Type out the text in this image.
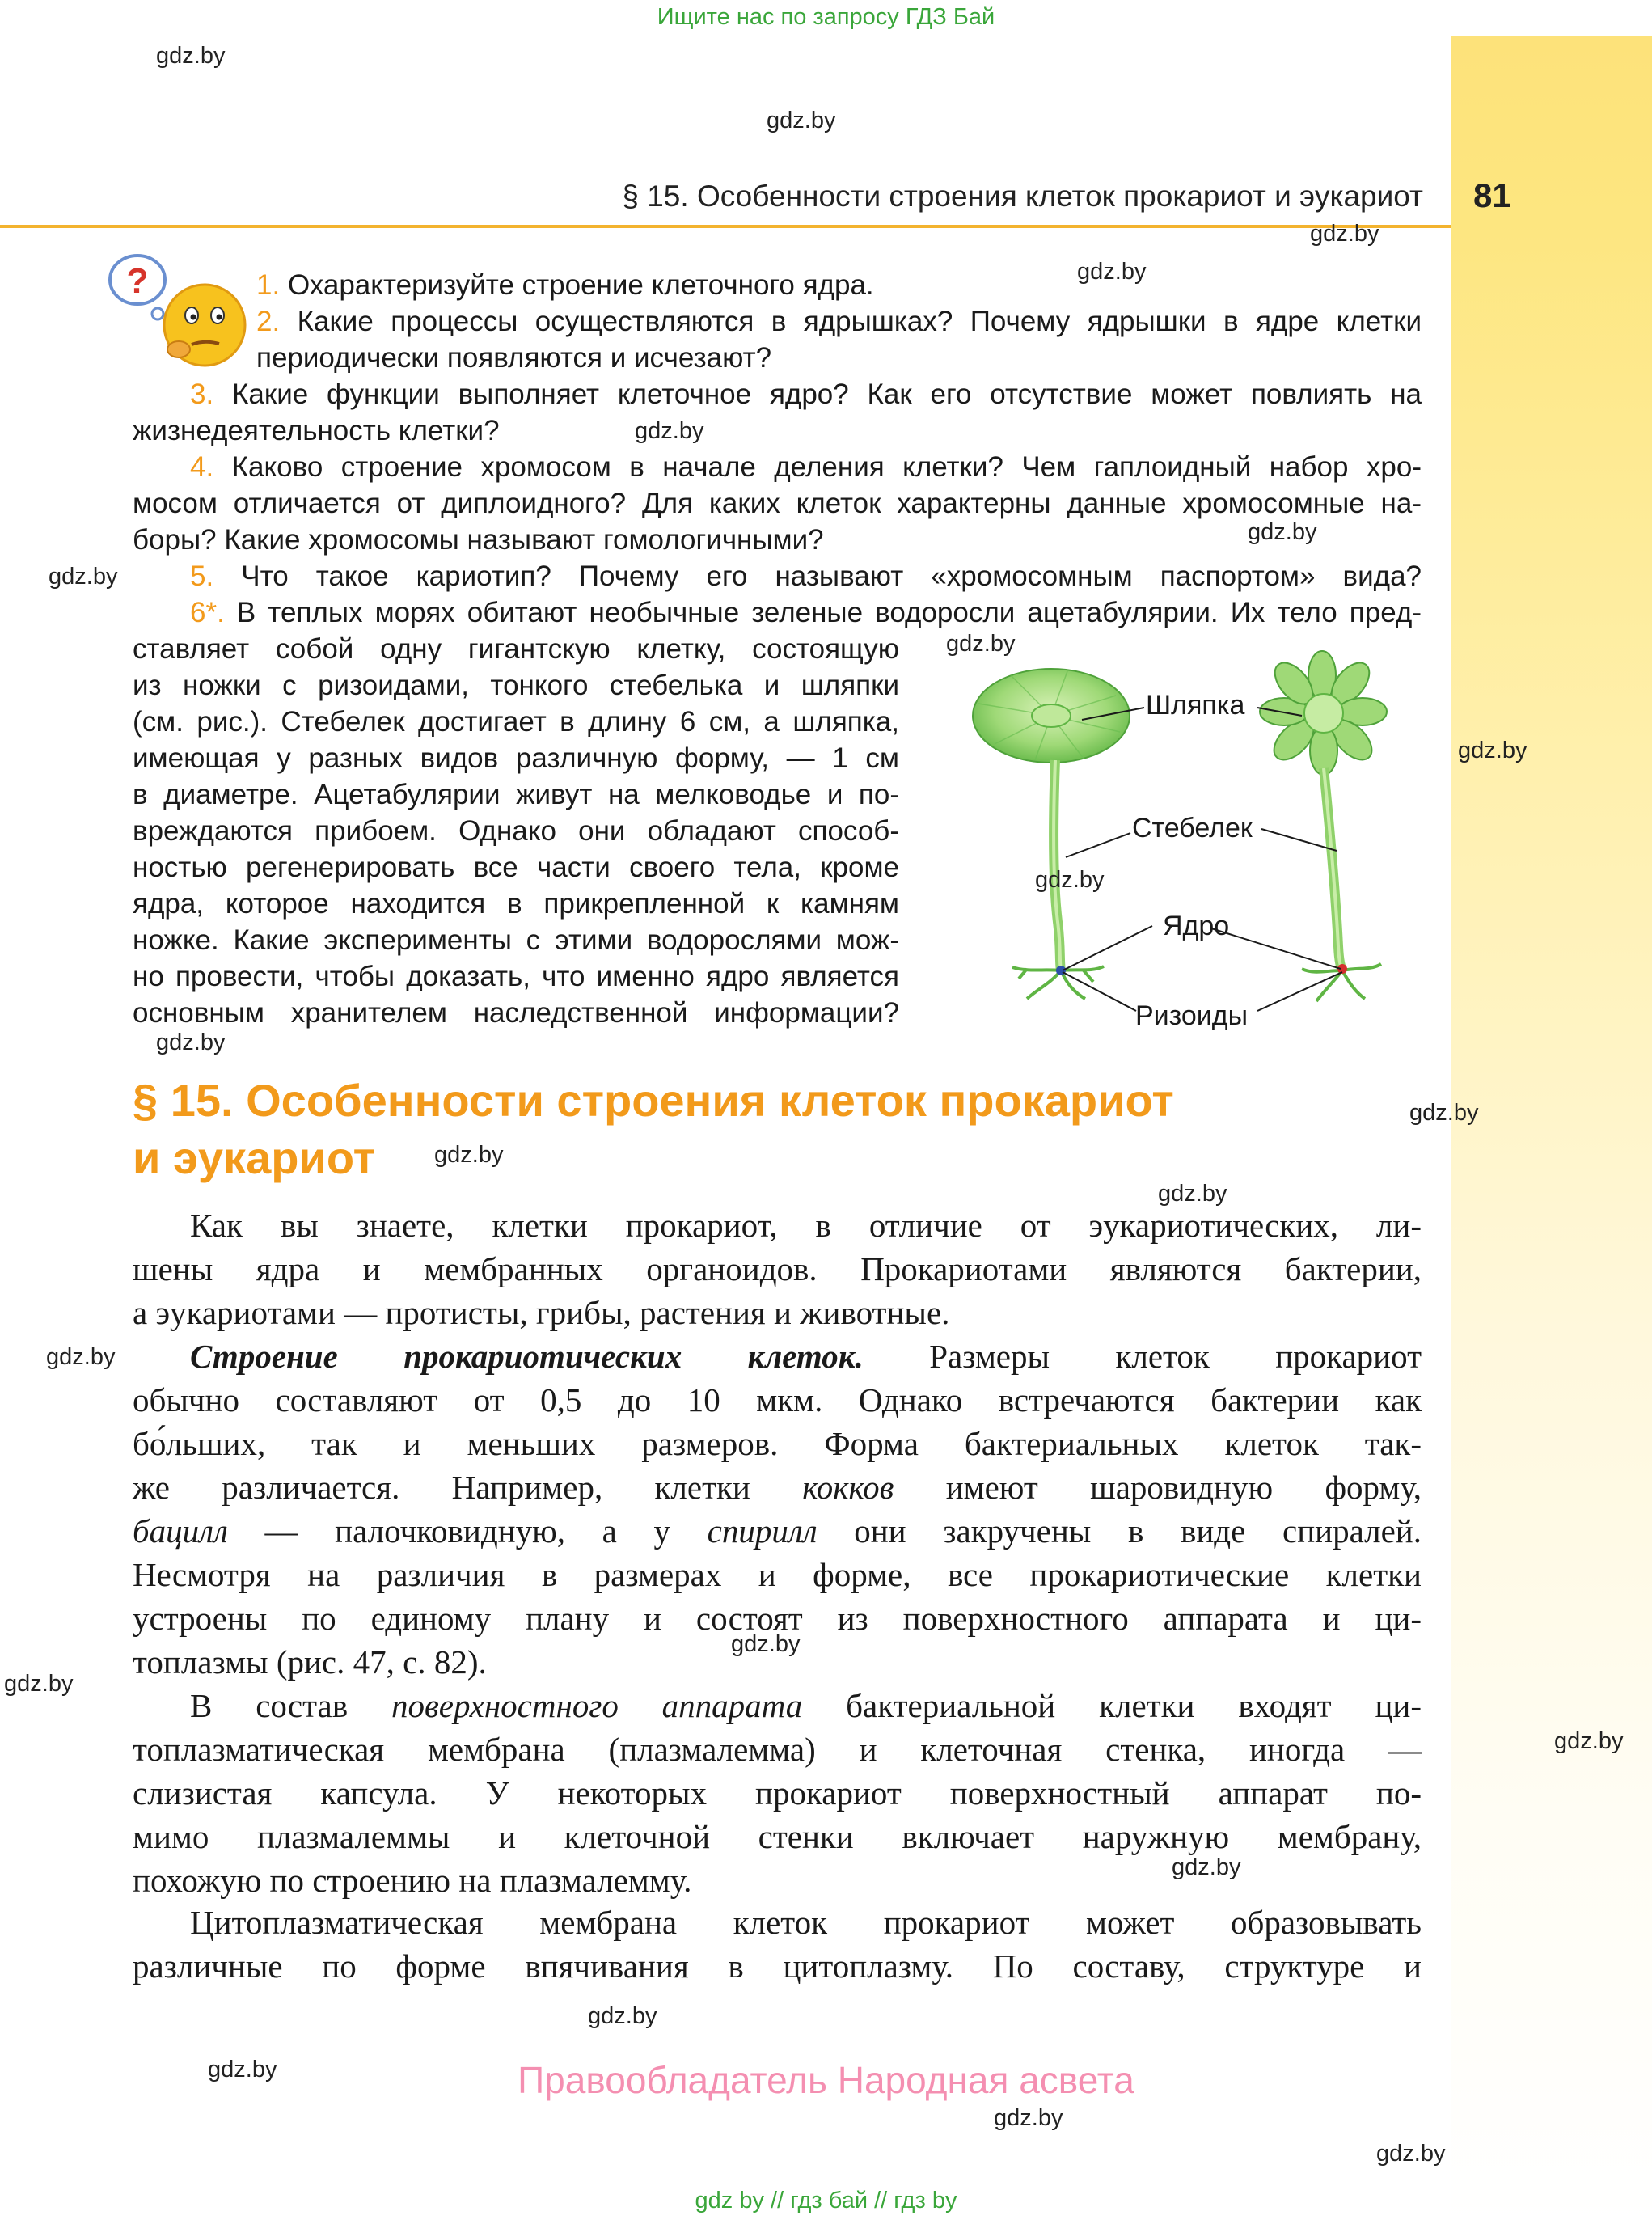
Ищите нас по запросу ГДЗ Бай
§ 15. Особенности строения клеток прокариот и эукариот 81
?	1. Охарактеризуйте строение клеточного ядра.
2. Какие процессы осуществляются в ядрышках? Почему ядрышки в ядре клетки
периодически появляются и исчезают?
3. Какие функции выполняет клеточное ядро? Как его отсутствие может повлиять на
жизнедеятельность клетки?
4. Каково строение хромосом в начале деления клетки? Чем гаплоидный набор хро-
мосом отличается от диплоидного? Для каких клеток характерны данные хромосомные на-
боры? Какие хромосомы называют гомологичными?
5. Что такое кариотип? Почему его называют «хромосомным паспортом» вида?
6*. В теплых морях обитают необычные зеленые водоросли ацетабулярии. Их тело пред-
ставляет собой одну гигантскую клетку, состоящую
из ножки с ризоидами, тонкого стебелька и шляпки
(см. рис.). Стебелек достигает в длину 6 см, а шляпка,
имеющая у разных видов различную форму, — 1 см
в диаметре. Ацетабулярии живут на мелководье и по-
вреждаются прибоем. Однако они обладают способ-
ностью регенерировать все части своего тела, кроме
ядра, которое находится в прикрепленной к камням
ножке. Какие эксперименты с этими водорослями мож-
но провести, чтобы доказать, что именно ядро является
основным хранителем наследственной информации?
Шляпка
Стебелек
Ядро
Ризоиды
§ 15. Особенности строения клеток прокариот
и эукариот
Как вы знаете, клетки прокариот, в отличие от эукариотических, ли-
шены ядра и мембранных органоидов. Прокариотами являются бактерии,
а эукариотами — протисты, грибы, растения и животные.
Строение прокариотических клеток. Размеры клеток прокариот
обычно составляют от 0,5 до 10 мкм. Однако встречаются бактерии как
бо́льших, так и меньших размеров. Форма бактериальных клеток так-
же различается. Например, клетки кокков имеют шаровидную форму,
бацилл — палочковидную, а у спирилл они закручены в виде спиралей.
Несмотря на различия в размерах и форме, все прокариотические клетки
устроены по единому плану и состоят из поверхностного аппарата и ци-
топлазмы (рис. 47, с. 82).
В состав поверхностного аппарата бактериальной клетки входят ци-
топлазматическая мембрана (плазмалемма) и клеточная стенка, иногда —
слизистая капсула. У некоторых прокариот поверхностный аппарат по-
мимо плазмалеммы и клеточной стенки включает наружную мембрану,
похожую по строению на плазмалемму.
Цитоплазматическая мембрана клеток прокариот может образовывать
различные по форме впячивания в цитоплазму. По составу, структуре и
Правообладатель Народная асвета
gdz by // гдз бай // гдз by
gdz.by
gdz.by
gdz.by
gdz.by
gdz.by
gdz.by
gdz.by
gdz.by
gdz.by
gdz.by
gdz.by
gdz.by
gdz.by
gdz.by
gdz.by
gdz.by
gdz.by
gdz.by
gdz.by
gdz.by
gdz.by
gdz.by
gdz.by
